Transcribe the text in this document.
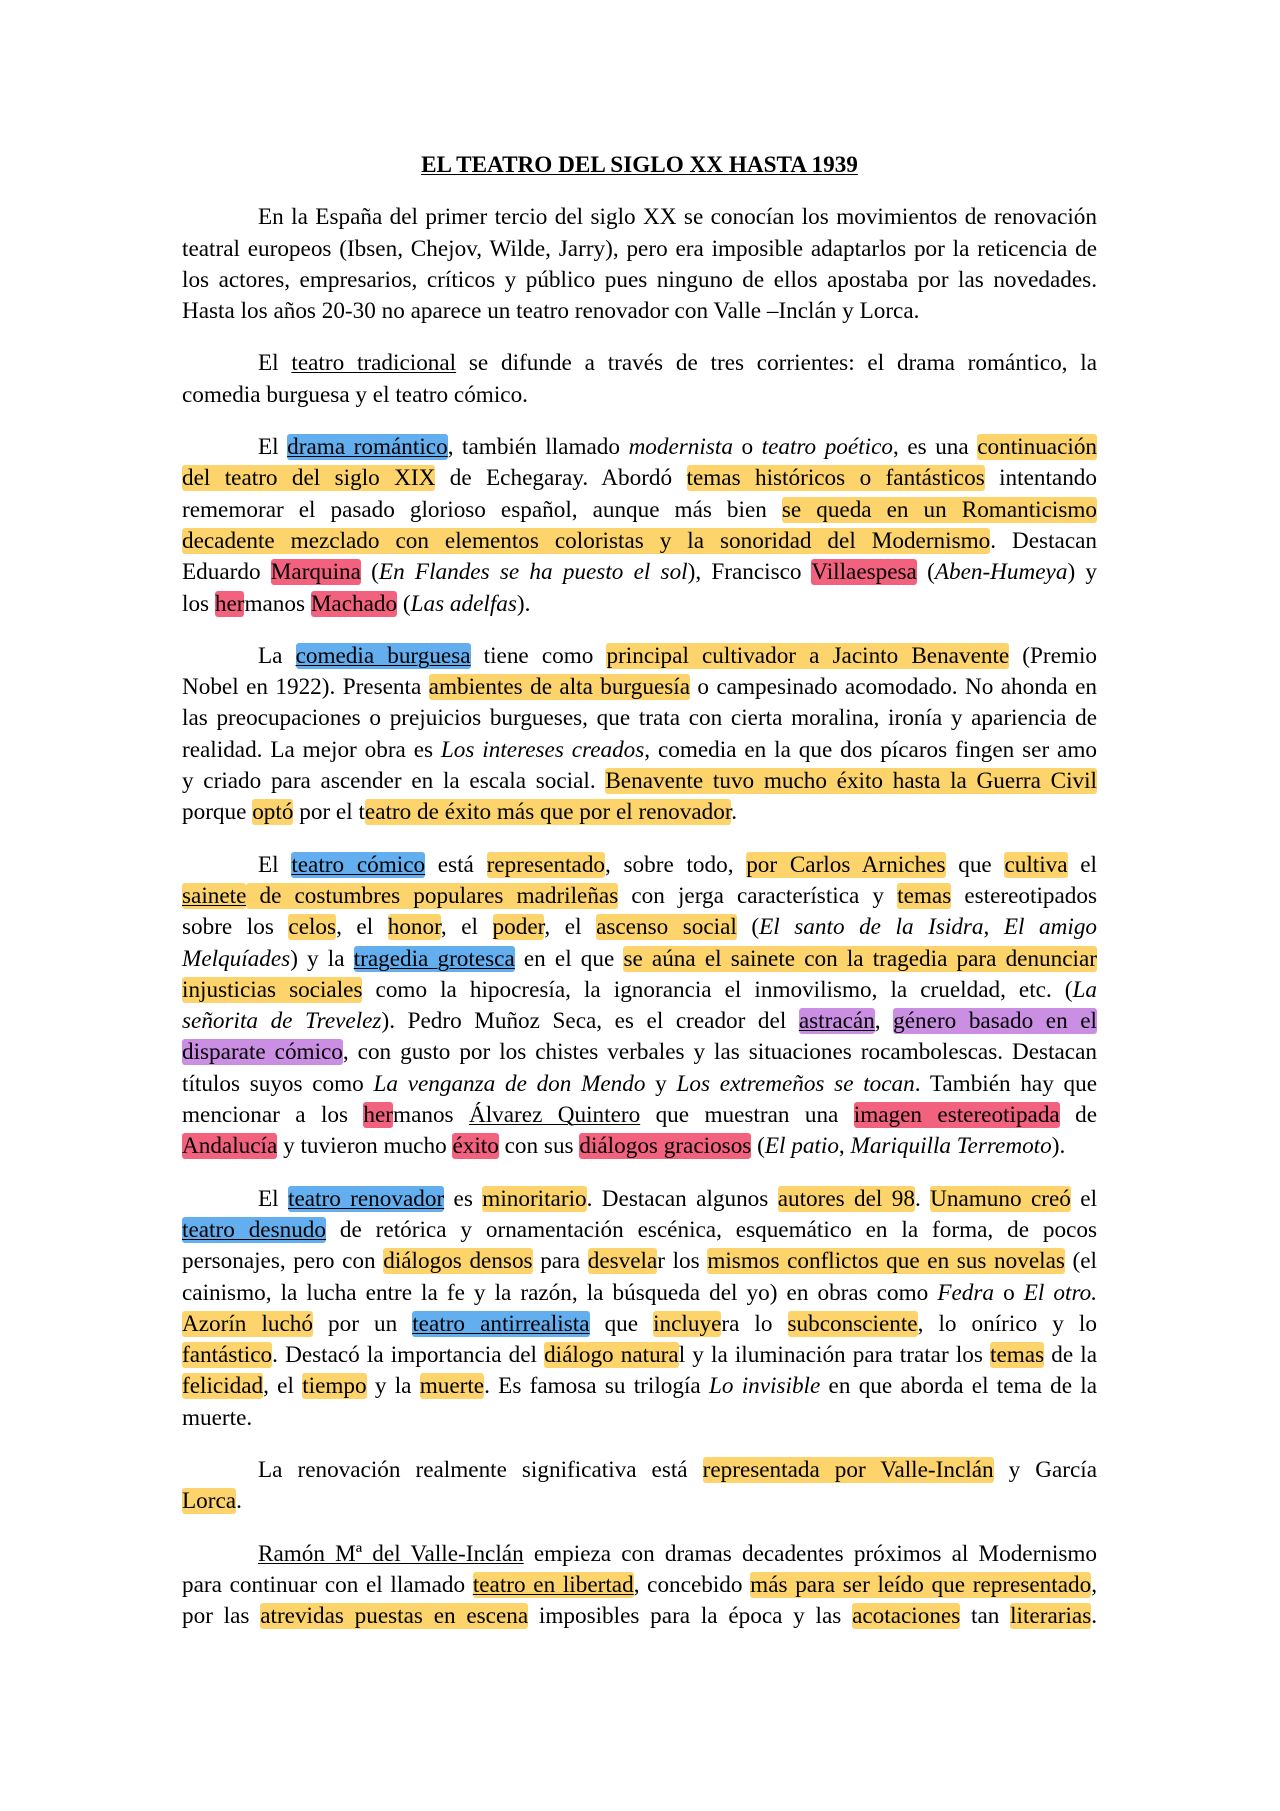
EL TEATRO DEL SIGLO XX HASTA 1939
En la España del primer tercio del siglo XX se conocían los movimientos de renovación
teatral europeos (Ibsen, Chejov, Wilde, Jarry), pero era imposible adaptarlos por la reticencia de
los actores, empresarios, críticos y público pues ninguno de ellos apostaba por las novedades.
Hasta los años 20-30 no aparece un teatro renovador con Valle –Inclán y Lorca.
El teatro tradicional se difunde a través de tres corrientes: el drama romántico, la
comedia burguesa y el teatro cómico.
El drama romántico, también llamado modernista o teatro poético, es una continuación
del teatro del siglo XIX de Echegaray. Abordó temas históricos o fantásticos intentando
rememorar el pasado glorioso español, aunque más bien se queda en un Romanticismo
decadente mezclado con elementos coloristas y la sonoridad del Modernismo. Destacan
Eduardo Marquina (En Flandes se ha puesto el sol), Francisco Villaespesa (Aben-Humeya) y
los hermanos Machado (Las adelfas).
La comedia burguesa tiene como principal cultivador a Jacinto Benavente (Premio
Nobel en 1922). Presenta ambientes de alta burguesía o campesinado acomodado. No ahonda en
las preocupaciones o prejuicios burgueses, que trata con cierta moralina, ironía y apariencia de
realidad. La mejor obra es Los intereses creados, comedia en la que dos pícaros fingen ser amo
y criado para ascender en la escala social. Benavente tuvo mucho éxito hasta la Guerra Civil
porque optó por el teatro de éxito más que por el renovador.
El teatro cómico está representado, sobre todo, por Carlos Arniches que cultiva el
sainete de costumbres populares madrileñas con jerga característica y temas estereotipados
sobre los celos, el honor, el poder, el ascenso social (El santo de la Isidra, El amigo
Melquíades) y la tragedia grotesca en el que se aúna el sainete con la tragedia para denunciar
injusticias sociales como la hipocresía, la ignorancia el inmovilismo, la crueldad, etc. (La
señorita de Trevelez). Pedro Muñoz Seca, es el creador del astracán, género basado en el
disparate cómico, con gusto por los chistes verbales y las situaciones rocambolescas. Destacan
títulos suyos como La venganza de don Mendo y Los extremeños se tocan. También hay que
mencionar a los hermanos Álvarez Quintero que muestran una imagen estereotipada de
Andalucía y tuvieron mucho éxito con sus diálogos graciosos (El patio, Mariquilla Terremoto).
El teatro renovador es minoritario. Destacan algunos autores del 98. Unamuno creó el
teatro desnudo de retórica y ornamentación escénica, esquemático en la forma, de pocos
personajes, pero con diálogos densos para desvelar los mismos conflictos que en sus novelas (el
cainismo, la lucha entre la fe y la razón, la búsqueda del yo) en obras como Fedra o El otro.
Azorín luchó por un teatro antirrealista que incluyera lo subconsciente, lo onírico y lo
fantástico. Destacó la importancia del diálogo natural y la iluminación para tratar los temas de la
felicidad, el tiempo y la muerte. Es famosa su trilogía Lo invisible en que aborda el tema de la
muerte.
La renovación realmente significativa está representada por Valle-Inclán y García
Lorca.
Ramón Mª del Valle-Inclán empieza con dramas decadentes próximos al Modernismo
para continuar con el llamado teatro en libertad, concebido más para ser leído que representado,
por las atrevidas puestas en escena imposibles para la época y las acotaciones tan literarias.
